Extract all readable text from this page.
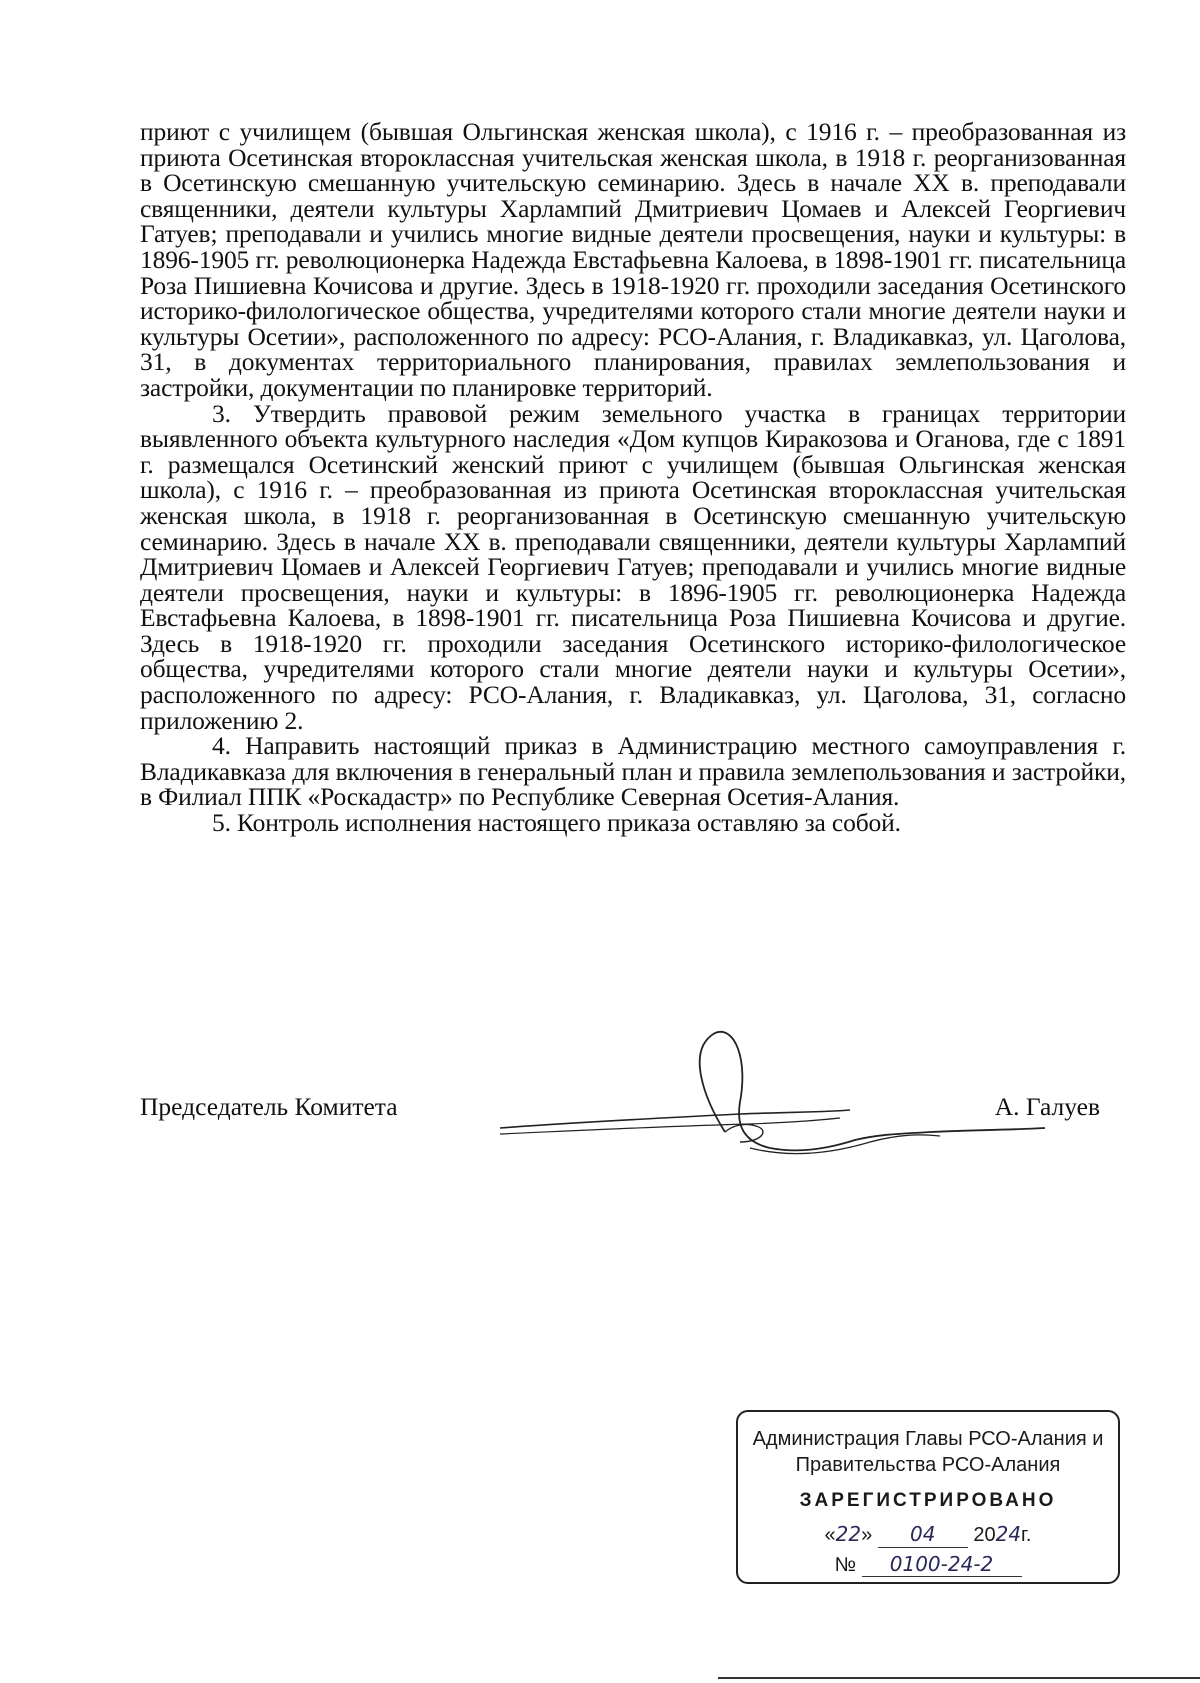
приют с училищем (бывшая Ольгинская женская школа), с 1916 г. – преобразованная из приюта Осетинская второклассная учительская женская школа, в 1918 г. реорганизованная в Осетинскую смешанную учительскую семинарию. Здесь в начале XX в. преподавали священники, деятели культуры Харлампий Дмитриевич Цомаев и Алексей Георгиевич Гатуев; преподавали и учились многие видные деятели просвещения, науки и культуры: в 1896-1905 гг. революционерка Надежда Евстафьевна Калоева, в 1898-1901 гг. писательница Роза Пишиевна Кочисова и другие. Здесь в 1918-1920 гг. проходили заседания Осетинского историко-филологическое общества, учредителями которого стали многие деятели науки и культуры Осетии», расположенного по адресу: РСО-Алания, г. Владикавказ, ул. Цаголова, 31, в документах территориального планирования, правилах землепользования и застройки, документации по планировке территорий.

3. Утвердить правовой режим земельного участка в границах территории выявленного объекта культурного наследия «Дом купцов Киракозова и Оганова, где с 1891 г. размещался Осетинский женский приют с училищем (бывшая Ольгинская женская школа), с 1916 г. – преобразованная из приюта Осетинская второклассная учительская женская школа, в 1918 г. реорганизованная в Осетинскую смешанную учительскую семинарию. Здесь в начале XX в. преподавали священники, деятели культуры Харлампий Дмитриевич Цомаев и Алексей Георгиевич Гатуев; преподавали и учились многие видные деятели просвещения, науки и культуры: в 1896-1905 гг. революционерка Надежда Евстафьевна Калоева, в 1898-1901 гг. писательница Роза Пишиевна Кочисова и другие. Здесь в 1918-1920 гг. проходили заседания Осетинского историко-филологическое общества, учредителями которого стали многие деятели науки и культуры Осетии», расположенного по адресу: РСО-Алания, г. Владикавказ, ул. Цаголова, 31, согласно приложению 2.

4. Направить настоящий приказ в Администрацию местного самоуправления г. Владикавказа для включения в генеральный план и правила землепользования и застройки, в Филиал ППК «Роскадастр» по Республике Северная Осетия-Алания.

5. Контроль исполнения настоящего приказа оставляю за собой.

Председатель Комитета	А. Галуев
Администрация Главы РСО-Алания и
Правительства РСО-Алания
ЗАРЕГИСТРИРОВАНО
«22» 04 2024г.
№ 0100-24-2
